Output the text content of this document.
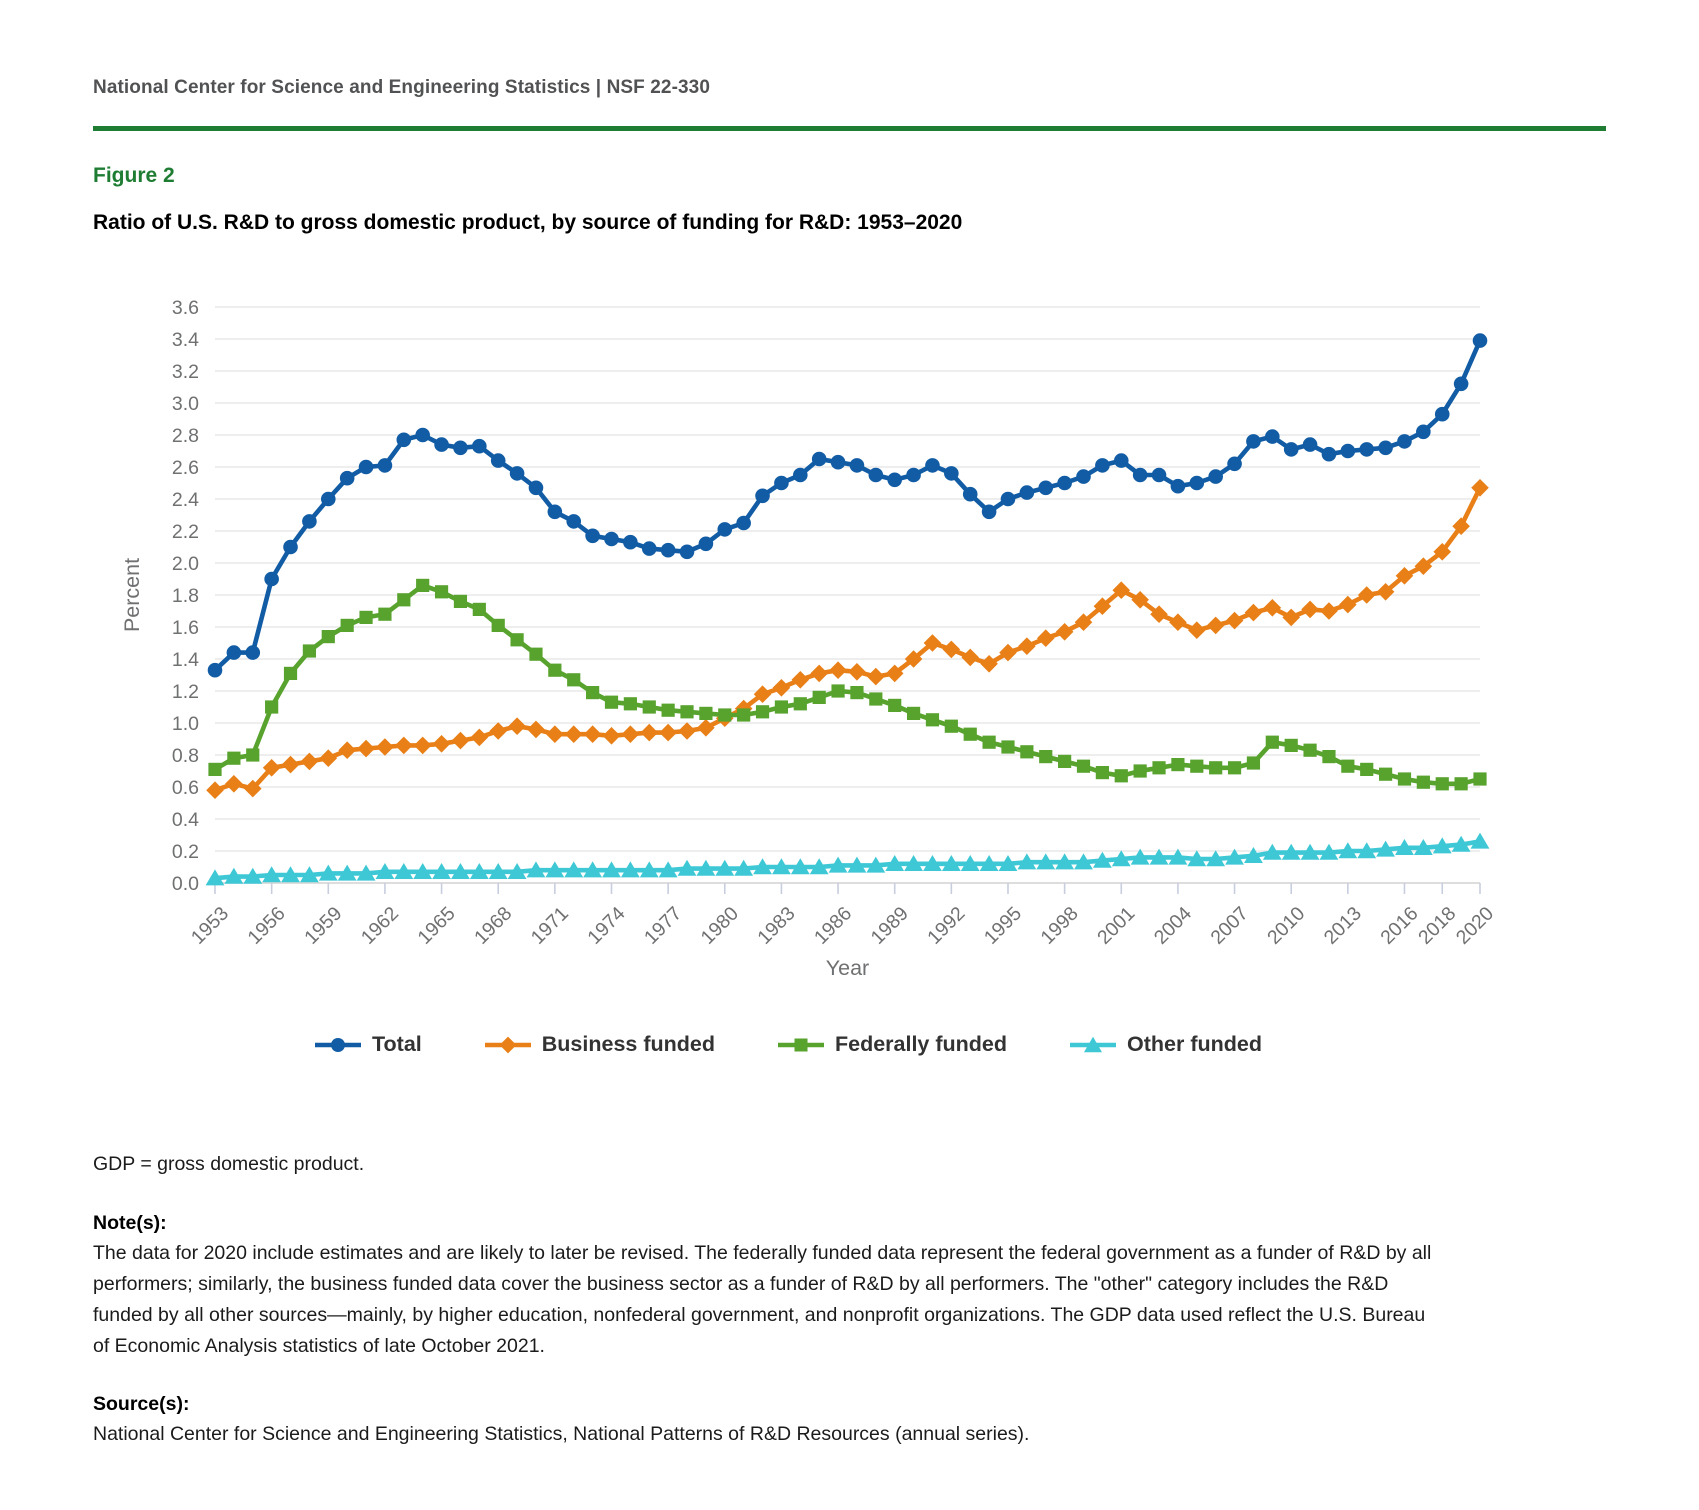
National Center for Science and Engineering Statistics | NSF 22-330
Figure 2
Ratio of U.S. R&D to gross domestic product, by source of funding for R&D: 1953–2020
0.0
0.2
0.4
0.6
0.8
1.0
1.2
1.4
1.6
1.8
2.0
2.2
2.4
2.6
2.8
3.0
3.2
3.4
3.6
Percent
1953 1956 1959 1962 1965 1968 1971 1974 1977 1980 1983 1986 1989 1992 1995 1998 2001 2004 2007 2010 2013 2016
2018
2020
Year
Total	Business funded	Federally funded	Other funded
GDP = gross domestic product.
Note(s):
The data for 2020 include estimates and are likely to later be revised. The federally funded data represent the federal government as a funder of R&D by all performers; similarly, the business funded data cover the business sector as a funder of R&D by all performers. The "other" category includes the R&D funded by all other sources—mainly, by higher education, nonfederal government, and nonprofit organizations. The GDP data used reflect the U.S. Bureau of Economic Analysis statistics of late October 2021.
Source(s):
National Center for Science and Engineering Statistics, National Patterns of R&D Resources (annual series).
